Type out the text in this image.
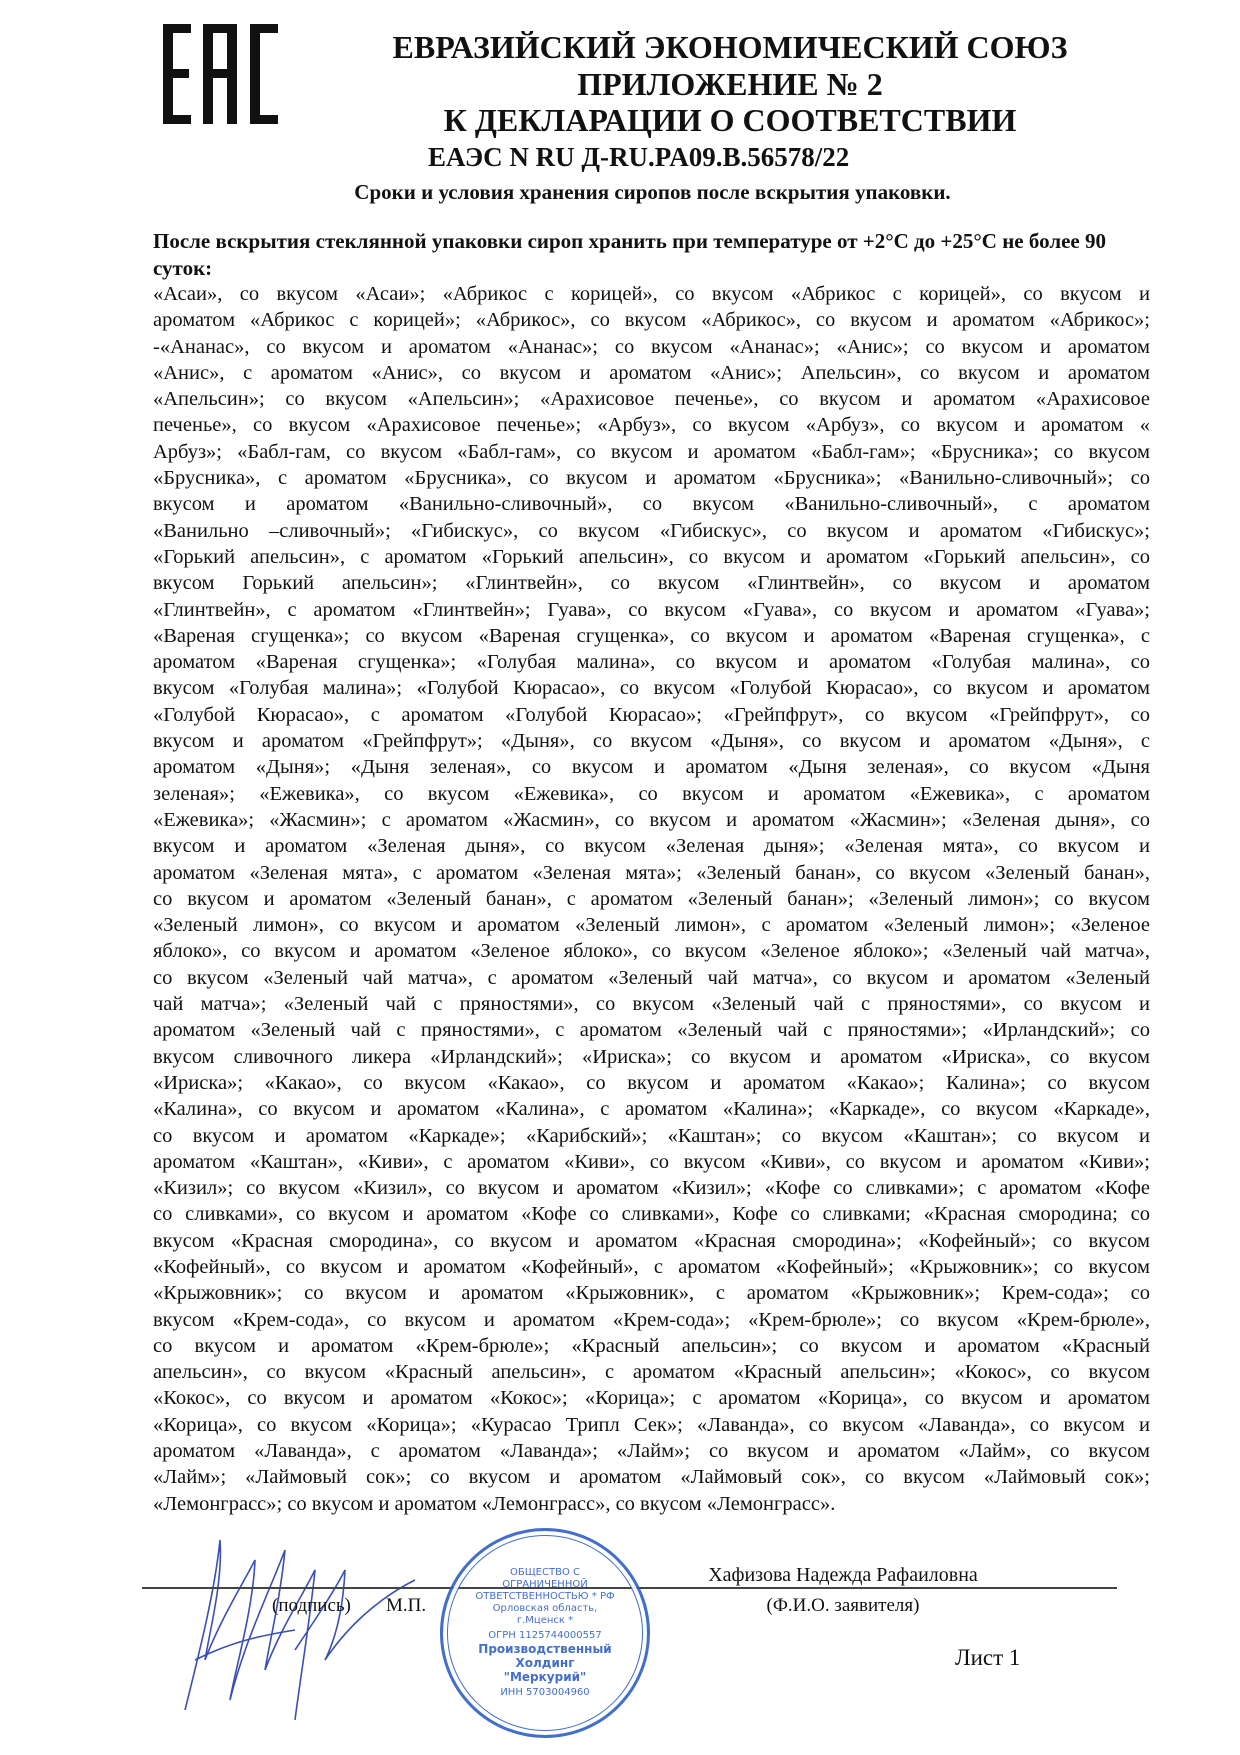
ЕВРАЗИЙСКИЙ ЭКОНОМИЧЕСКИЙ СОЮЗ
ПРИЛОЖЕНИЕ № 2
К ДЕКЛАРАЦИИ О СООТВЕТСТВИИ
ЕАЭС N RU Д-RU.PA09.B.56578/22
Сроки и условия хранения сиропов после вскрытия упаковки.
После вскрытия стеклянной упаковки сироп хранить при температуре от +2°С до +25°С не более 90 суток:
«Асаи», со вкусом «Асаи»; «Абрикос с корицей», со вкусом «Абрикос с корицей», со вкусом и
ароматом «Абрикос с корицей»; «Абрикос», со вкусом «Абрикос», со вкусом и ароматом «Абрикос»;
-«Ананас», со вкусом и ароматом «Ананас»; со вкусом «Ананас»; «Анис»; со вкусом и ароматом
«Анис», с ароматом «Анис», со вкусом и ароматом «Анис»; Апельсин», со вкусом и ароматом
«Апельсин»; со вкусом «Апельсин»; «Арахисовое печенье», со вкусом и ароматом «Арахисовое
печенье», со вкусом «Арахисовое печенье»; «Арбуз», со вкусом «Арбуз», со вкусом и ароматом «
Арбуз»; «Бабл-гам, со вкусом «Бабл-гам», со вкусом и ароматом «Бабл-гам»; «Брусника»; со вкусом
«Брусника», с ароматом «Брусника», со вкусом и ароматом «Брусника»; «Ванильно-сливочный»; со
вкусом и ароматом «Ванильно-сливочный», со вкусом «Ванильно-сливочный», с ароматом
«Ванильно –сливочный»; «Гибискус», со вкусом «Гибискус», со вкусом и ароматом «Гибискус»;
«Горький апельсин», с ароматом «Горький апельсин», со вкусом и ароматом «Горький апельсин», со
вкусом Горький апельсин»; «Глинтвейн», со вкусом «Глинтвейн», со вкусом и ароматом
«Глинтвейн», с ароматом «Глинтвейн»; Гуава», со вкусом «Гуава», со вкусом и ароматом «Гуава»;
«Вареная сгущенка»; со вкусом «Вареная сгущенка», со вкусом и ароматом «Вареная сгущенка», с
ароматом «Вареная сгущенка»; «Голубая малина», со вкусом и ароматом «Голубая малина», со
вкусом «Голубая малина»; «Голубой Кюрасао», со вкусом «Голубой Кюрасао», со вкусом и ароматом
«Голубой Кюрасао», с ароматом «Голубой Кюрасао»; «Грейпфрут», со вкусом «Грейпфрут», со
вкусом и ароматом «Грейпфрут»; «Дыня», со вкусом «Дыня», со вкусом и ароматом «Дыня», с
ароматом «Дыня»; «Дыня зеленая», со вкусом и ароматом «Дыня зеленая», со вкусом «Дыня
зеленая»; «Ежевика», со вкусом «Ежевика», со вкусом и ароматом «Ежевика», с ароматом
«Ежевика»; «Жасмин»; с ароматом «Жасмин», со вкусом и ароматом «Жасмин»; «Зеленая дыня», со
вкусом и ароматом «Зеленая дыня», со вкусом «Зеленая дыня»; «Зеленая мята», со вкусом и
ароматом «Зеленая мята», с ароматом «Зеленая мята»; «Зеленый банан», со вкусом «Зеленый банан»,
со вкусом и ароматом «Зеленый банан», с ароматом «Зеленый банан»; «Зеленый лимон»; со вкусом
«Зеленый лимон», со вкусом и ароматом «Зеленый лимон», с ароматом «Зеленый лимон»; «Зеленое
яблоко», со вкусом и ароматом «Зеленое яблоко», со вкусом «Зеленое яблоко»; «Зеленый чай матча»,
со вкусом «Зеленый чай матча», с ароматом «Зеленый чай матча», со вкусом и ароматом «Зеленый
чай матча»; «Зеленый чай с пряностями», со вкусом «Зеленый чай с пряностями», со вкусом и
ароматом «Зеленый чай с пряностями», с ароматом «Зеленый чай с пряностями»; «Ирландский»; со
вкусом сливочного ликера «Ирландский»; «Ириска»; со вкусом и ароматом «Ириска», со вкусом
«Ириска»; «Какао», со вкусом «Какао», со вкусом и ароматом «Какао»; Калина»; со вкусом
«Калина», со вкусом и ароматом «Калина», с ароматом «Калина»; «Каркаде», со вкусом «Каркаде»,
со вкусом и ароматом «Каркаде»; «Карибский»; «Каштан»; со вкусом «Каштан»; со вкусом и
ароматом «Каштан», «Киви», с ароматом «Киви», со вкусом «Киви», со вкусом и ароматом «Киви»;
«Кизил»; со вкусом «Кизил», со вкусом и ароматом «Кизил»; «Кофе со сливками»; с ароматом «Кофе
со сливками», со вкусом и ароматом «Кофе со сливками», Кофе со сливками; «Красная смородина; со
вкусом «Красная смородина», со вкусом и ароматом «Красная смородина»; «Кофейный»; со вкусом
«Кофейный», со вкусом и ароматом «Кофейный», с ароматом «Кофейный»; «Крыжовник»; со вкусом
«Крыжовник»; со вкусом и ароматом «Крыжовник», с ароматом «Крыжовник»; Крем-сода»; со
вкусом «Крем-сода», со вкусом и ароматом «Крем-сода»; «Крем-брюле»; со вкусом «Крем-брюле»,
со вкусом и ароматом «Крем-брюле»; «Красный апельсин»; со вкусом и ароматом «Красный
апельсин», со вкусом «Красный апельсин», с ароматом «Красный апельсин»; «Кокос», со вкусом
«Кокос», со вкусом и ароматом «Кокос»; «Корица»; с ароматом «Корица», со вкусом и ароматом
«Корица», со вкусом «Корица»; «Курасао Трипл Сек»; «Лаванда», со вкусом «Лаванда», со вкусом и
ароматом «Лаванда», с ароматом «Лаванда»; «Лайм»; со вкусом и ароматом «Лайм», со вкусом
«Лайм»; «Лаймовый сок»; со вкусом и ароматом «Лаймовый сок», со вкусом «Лаймовый сок»;
«Лемонграсс»; со вкусом и ароматом «Лемонграсс», со вкусом «Лемонграсс».
Хафизова Надежда Рафаиловна
(подпись) М.П.	(Ф.И.О. заявителя)
Лист 1
ОБЩЕСТВО С ОГРАНИЧЕННОЙ ОТВЕТСТВЕННОСТЬЮ * РФ Орловская область, г.Мценск *
ОГРН 1125744000557
Производственный
Холдинг
"Меркурий"
ИНН 5703004960
